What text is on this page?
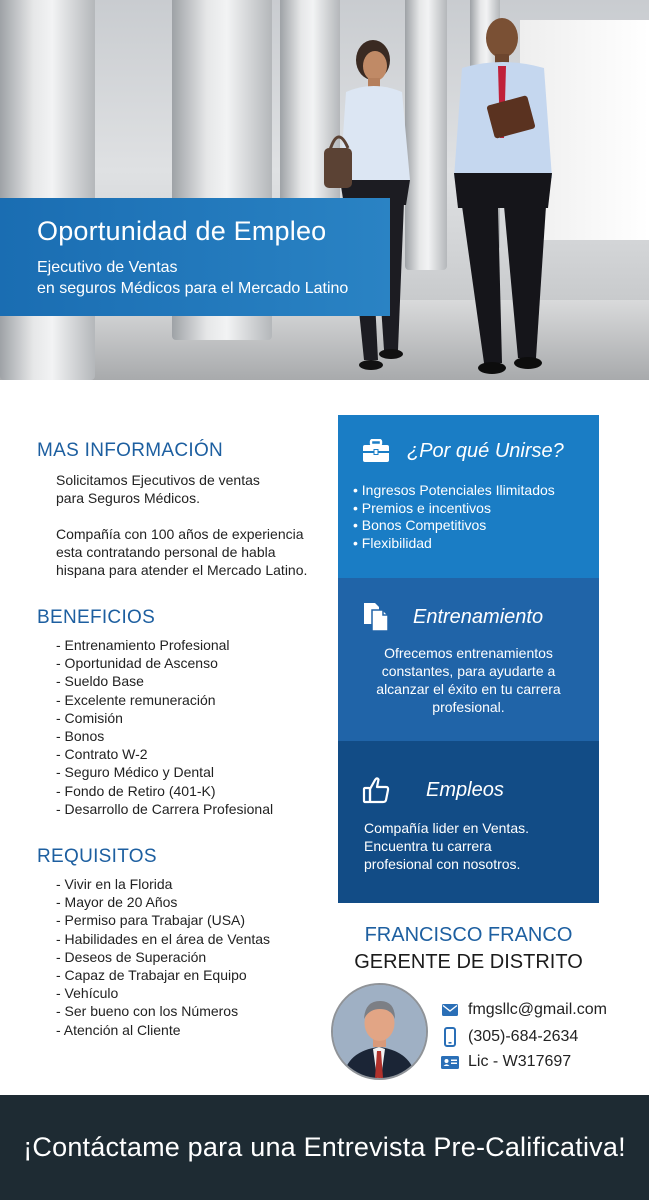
Oportunidad de Empleo
Ejecutivo de Ventas
en seguros Médicos para el Mercado Latino
MAS INFORMACIÓN
Solicitamos Ejecutivos de ventas
para Seguros Médicos.
Compañía con 100 años de experiencia
esta contratando personal de habla
hispana para atender el Mercado Latino.
BENEFICIOS
- Entrenamiento Profesional
- Oportunidad de Ascenso
- Sueldo Base
- Excelente remuneración
- Comisión
- Bonos
- Contrato W-2
- Seguro Médico y Dental
- Fondo de Retiro (401-K)
- Desarrollo de Carrera Profesional
REQUISITOS
- Vivir en la Florida
- Mayor de 20 Años
- Permiso para Trabajar (USA)
- Habilidades en el área de Ventas
- Deseos de Superación
- Capaz de Trabajar en Equipo
- Vehículo
- Ser bueno con los Números
- Atención al Cliente
¿Por qué Unirse?
• Ingresos Potenciales Ilimitados
• Premios e incentivos
• Bonos Competitivos
• Flexibilidad
Entrenamiento
Ofrecemos entrenamientos
constantes, para ayudarte a
alcanzar el éxito en tu carrera
profesional.
Empleos
Compañía lider en Ventas.
Encuentra tu carrera
profesional con nosotros.
FRANCISCO FRANCO
GERENTE DE DISTRITO
fmgsllc@gmail.com
(305)-684-2634
Lic - W317697
¡Contáctame para una Entrevista Pre-Calificativa!
